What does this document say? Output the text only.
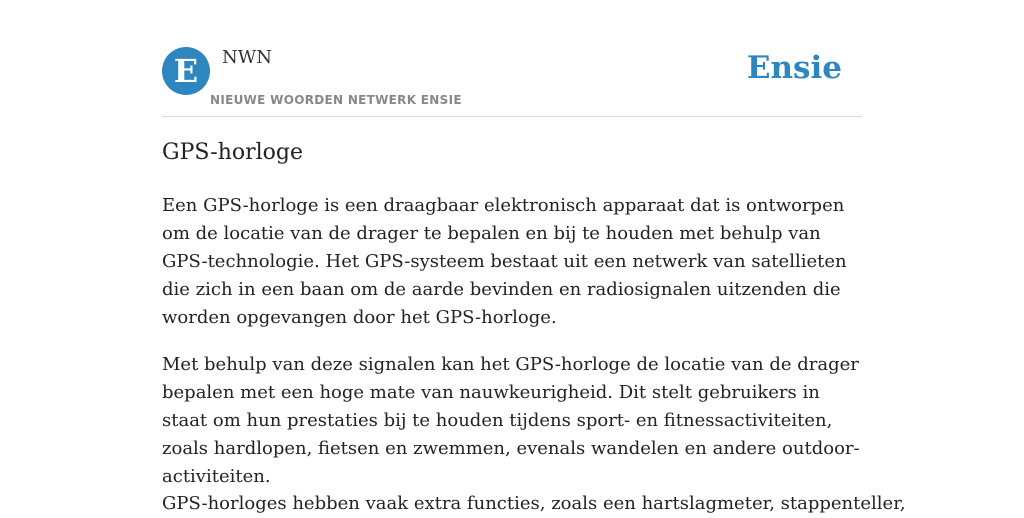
E	NWN
NIEUWE WOORDEN NETWERK ENSIE
Ensie
GPS-horloge

Een GPS-horloge is een draagbaar elektronisch apparaat dat is ontworpen om de locatie van de drager te bepalen en bij te houden met behulp van GPS-technologie. Het GPS-systeem bestaat uit een netwerk van satellieten die zich in een baan om de aarde bevinden en radiosignalen uitzenden die worden opgevangen door het GPS-horloge.

Met behulp van deze signalen kan het GPS-horloge de locatie van de drager bepalen met een hoge mate van nauwkeurigheid. Dit stelt gebruikers in staat om hun prestaties bij te houden tijdens sport- en fitnessactiviteiten, zoals hardlopen, fietsen en zwemmen, evenals wandelen en andere outdoor-activiteiten.

GPS-horloges hebben vaak extra functies, zoals een hartslagmeter, stappenteller,
